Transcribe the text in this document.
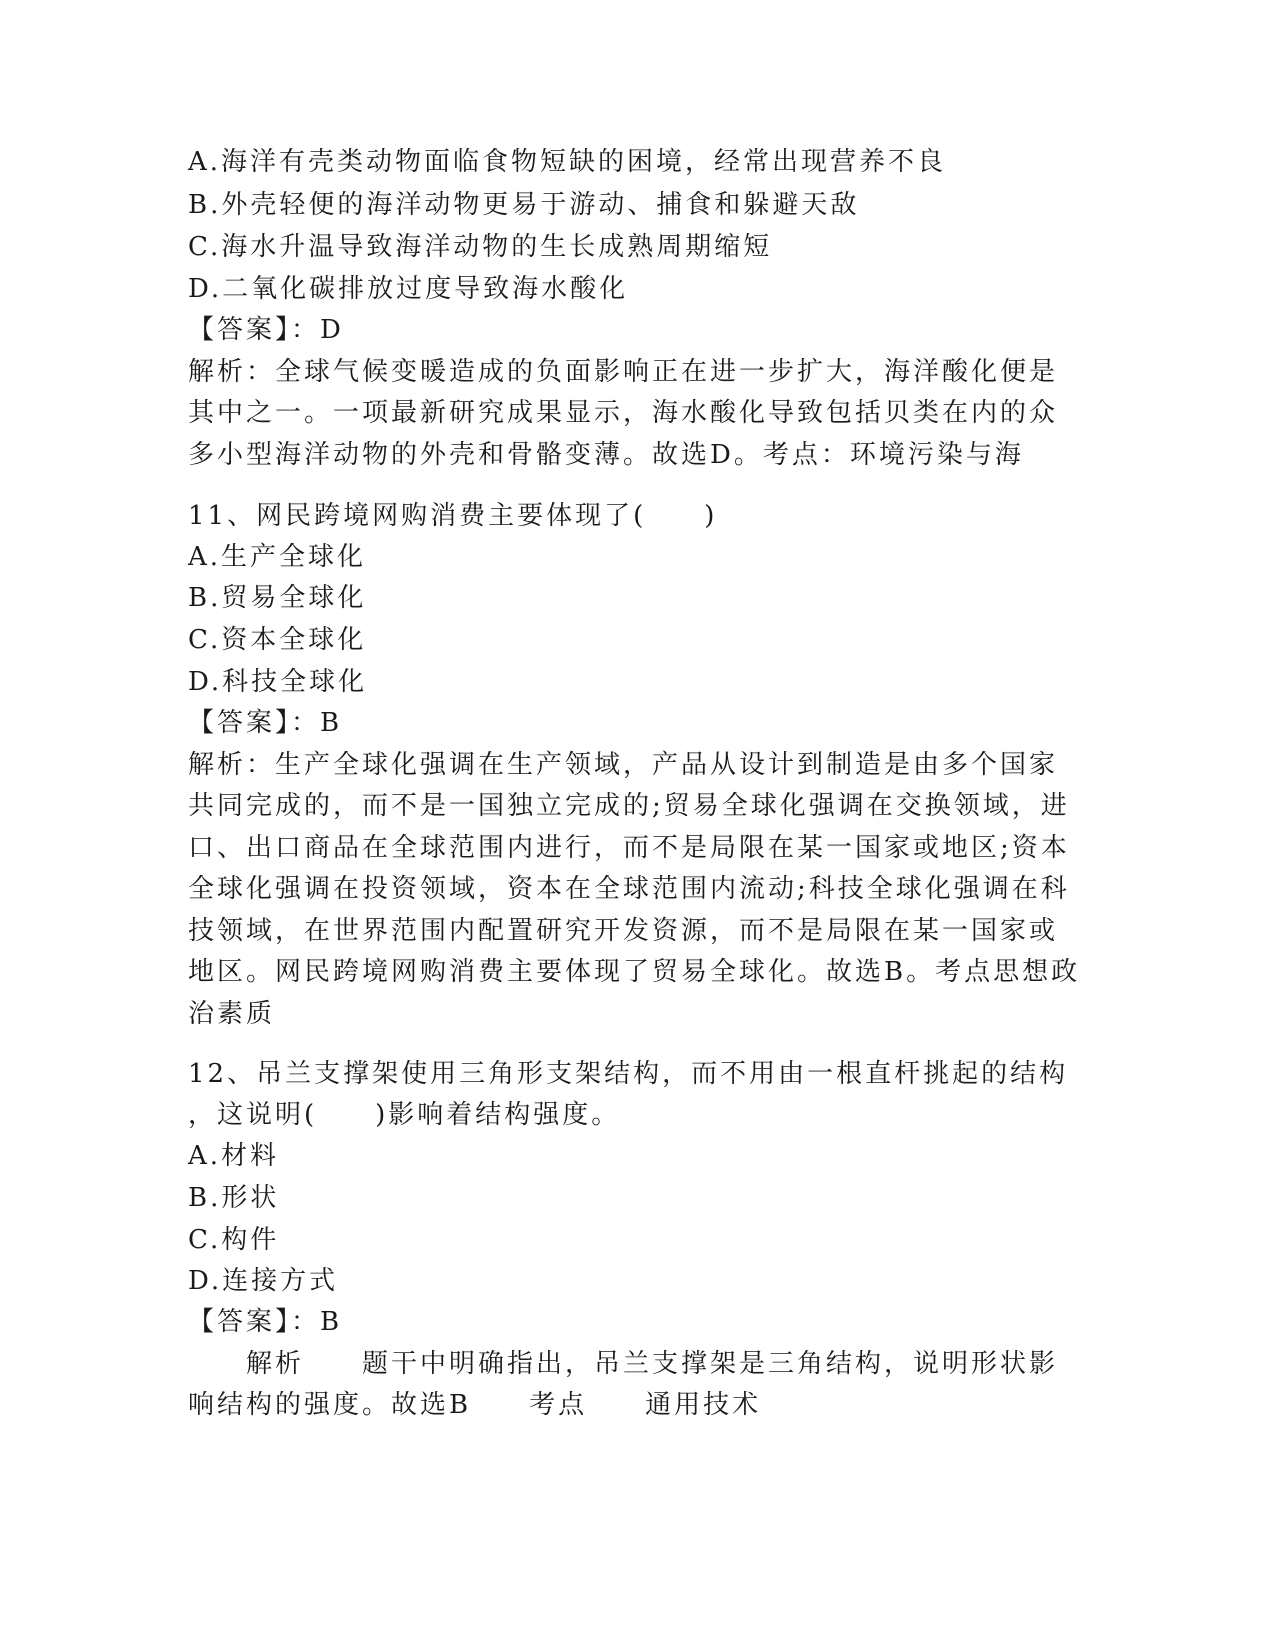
A.海洋有壳类动物面临食物短缺的困境，经常出现营养不良

B.外壳轻便的海洋动物更易于游动、捕食和躲避天敌

C.海水升温导致海洋动物的生长成熟周期缩短

D.二氧化碳排放过度导致海水酸化

【答案】：D

解析：全球气候变暖造成的负面影响正在进一步扩大，海洋酸化便是

其中之一。一项最新研究成果显示，海水酸化导致包括贝类在内的众

多小型海洋动物的外壳和骨骼变薄。故选D。考点：环境污染与海

11、网民跨境网购消费主要体现了(　　)

A.生产全球化

B.贸易全球化

C.资本全球化

D.科技全球化

【答案】：B

解析：生产全球化强调在生产领域，产品从设计到制造是由多个国家

共同完成的，而不是一国独立完成的;贸易全球化强调在交换领域，进

口、出口商品在全球范围内进行，而不是局限在某一国家或地区;资本

全球化强调在投资领域，资本在全球范围内流动;科技全球化强调在科

技领域，在世界范围内配置研究开发资源，而不是局限在某一国家或

地区。网民跨境网购消费主要体现了贸易全球化。故选B。考点思想政

治素质

12、吊兰支撑架使用三角形支架结构，而不用由一根直杆挑起的结构

，这说明(　　)影响着结构强度。

A.材料

B.形状

C.构件

D.连接方式

【答案】：B

　　解析　　题干中明确指出，吊兰支撑架是三角结构，说明形状影

响结构的强度。故选B　　考点　　通用技术
